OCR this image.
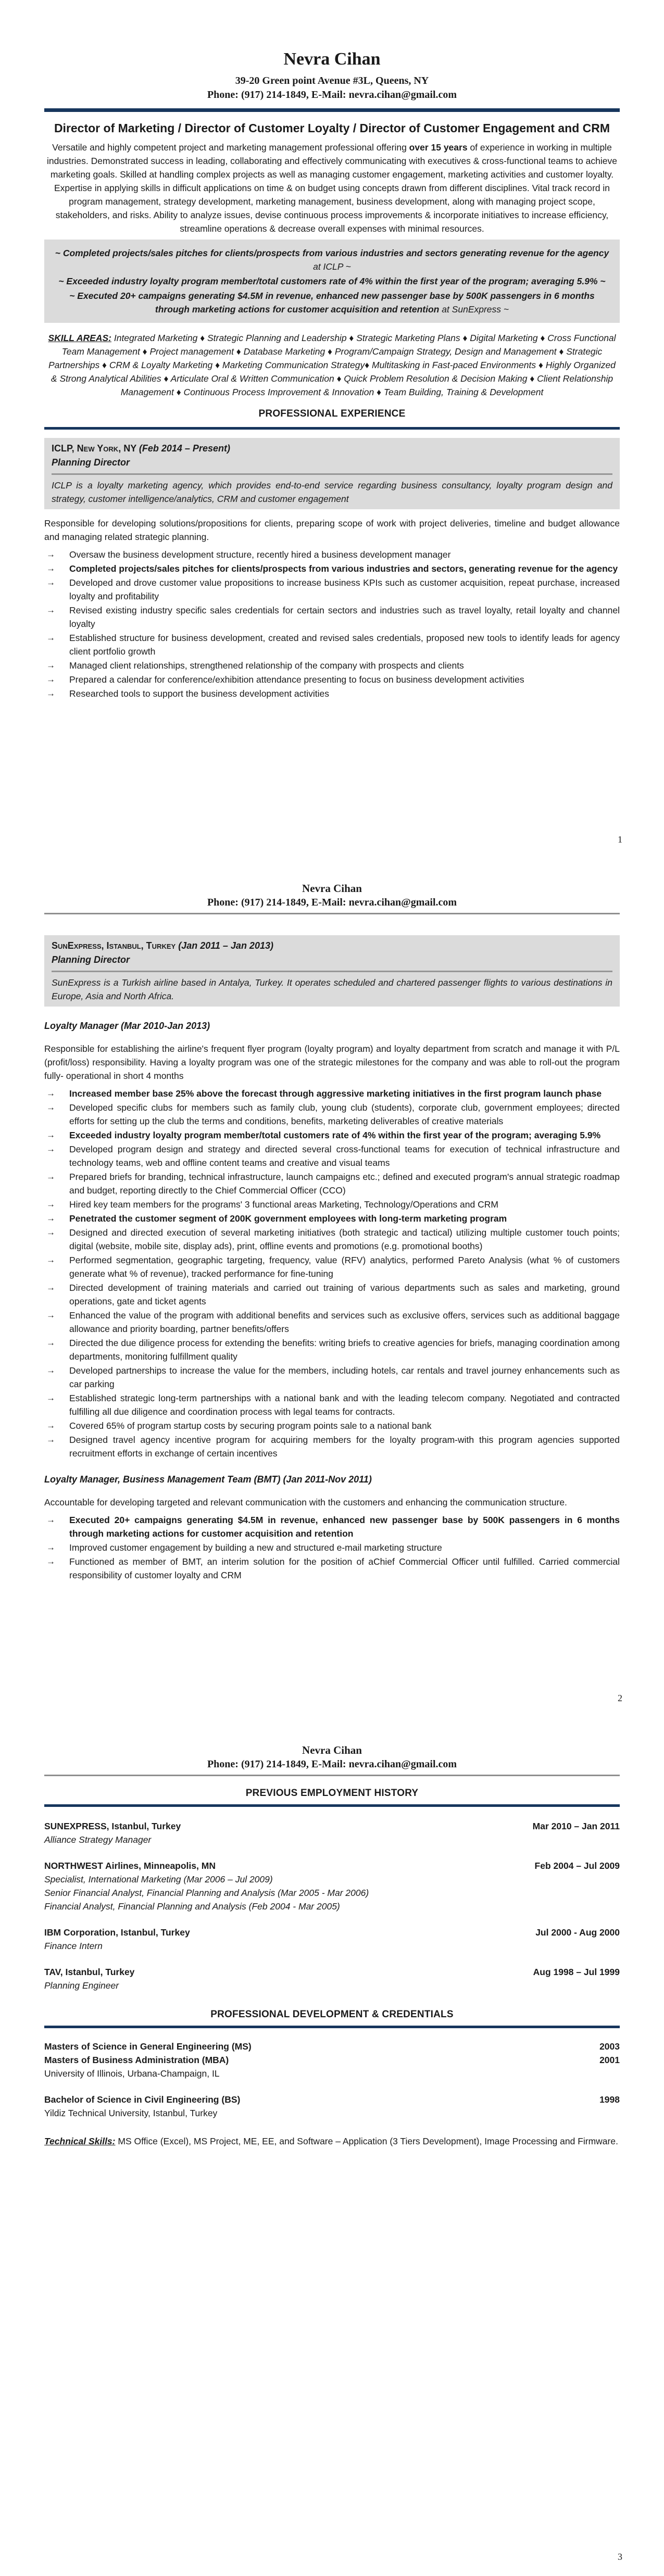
Nevra Cihan
39-20 Green point Avenue #3L, Queens, NY
Phone: (917) 214-1849, E-Mail: nevra.cihan@gmail.com
Director of Marketing / Director of Customer Loyalty / Director of Customer Engagement and CRM
Versatile and highly competent project and marketing management professional offering over 15 years of experience in working in multiple industries. Demonstrated success in leading, collaborating and effectively communicating with executives & cross-functional teams to achieve marketing goals. Skilled at handling complex projects as well as managing customer engagement, marketing activities and customer loyalty. Expertise in applying skills in difficult applications on time & on budget using concepts drawn from different disciplines. Vital track record in program management, strategy development, marketing management, business development, along with managing project scope, stakeholders, and risks. Ability to analyze issues, devise continuous process improvements & incorporate initiatives to increase efficiency, streamline operations & decrease overall expenses with minimal resources.
~ Completed projects/sales pitches for clients/prospects from various industries and sectors generating revenue for the agency at ICLP ~
~ Exceeded industry loyalty program member/total customers rate of 4% within the first year of the program; averaging 5.9% ~
~ Executed 20+ campaigns generating $4.5M in revenue, enhanced new passenger base by 500K passengers in 6 months through marketing actions for customer acquisition and retention at SunExpress ~
SKILL AREAS: Integrated Marketing ♦ Strategic Planning and Leadership ♦ Strategic Marketing Plans ♦ Digital Marketing ♦ Cross Functional Team Management ♦ Project management ♦ Database Marketing ♦ Program/Campaign Strategy, Design and Management ♦ Strategic Partnerships ♦ CRM & Loyalty Marketing ♦ Marketing Communication Strategy♦ Multitasking in Fast-paced Environments ♦ Highly Organized & Strong Analytical Abilities ♦ Articulate Oral & Written Communication ♦ Quick Problem Resolution & Decision Making ♦ Client Relationship Management ♦ Continuous Process Improvement & Innovation ♦ Team Building, Training & Development
PROFESSIONAL EXPERIENCE
ICLP, New York, NY (Feb 2014 – Present)
Planning Director
ICLP is a loyalty marketing agency, which provides end-to-end service regarding business consultancy, loyalty program design and strategy, customer intelligence/analytics, CRM and customer engagement
Responsible for developing solutions/propositions for clients, preparing scope of work with project deliveries, timeline and budget allowance and managing related strategic planning.
→	Oversaw the business development structure, recently hired a business development manager
→	Completed projects/sales pitches for clients/prospects from various industries and sectors, generating revenue for the agency
→	Developed and drove customer value propositions to increase business KPIs such as customer acquisition, repeat purchase, increased loyalty and profitability
→	Revised existing industry specific sales credentials for certain sectors and industries such as travel loyalty, retail loyalty and channel loyalty
→	Established structure for business development, created and revised sales credentials, proposed new tools to identify leads for agency client portfolio growth
→	Managed client relationships, strengthened relationship of the company with prospects and clients
→	Prepared a calendar for conference/exhibition attendance presenting to focus on business development activities
→	Researched tools to support the business development activities
1
Nevra Cihan
Phone: (917) 214-1849, E-Mail: nevra.cihan@gmail.com
SunExpress, Istanbul, Turkey (Jan 2011 – Jan 2013)
Planning Director
SunExpress is a Turkish airline based in Antalya, Turkey. It operates scheduled and chartered passenger flights to various destinations in Europe, Asia and North Africa.
Loyalty Manager (Mar 2010-Jan 2013)
Responsible for establishing the airline's frequent flyer program (loyalty program) and loyalty department from scratch and manage it with P/L (profit/loss) responsibility. Having a loyalty program was one of the strategic milestones for the company and was able to roll-out the program fully- operational in short 4 months
→	Increased member base 25% above the forecast through aggressive marketing initiatives in the first program launch phase
→	Developed specific clubs for members such as family club, young club (students), corporate club, government employees; directed efforts for setting up the club the terms and conditions, benefits, marketing deliverables of creative materials
→	Exceeded industry loyalty program member/total customers rate of 4% within the first year of the program; averaging 5.9%
→	Developed program design and strategy and directed several cross-functional teams for execution of technical infrastructure and technology teams, web and offline content teams and creative and visual teams
→	Prepared briefs for branding, technical infrastructure, launch campaigns etc.; defined and executed program's annual strategic roadmap and budget, reporting directly to the Chief Commercial Officer (CCO)
→	Hired key team members for the programs' 3 functional areas Marketing, Technology/Operations and CRM
→	Penetrated the customer segment of 200K government employees with long-term marketing program
→	Designed and directed execution of several marketing initiatives (both strategic and tactical) utilizing multiple customer touch points; digital (website, mobile site, display ads), print, offline events and promotions (e.g. promotional booths)
→	Performed segmentation, geographic targeting, frequency, value (RFV) analytics, performed Pareto Analysis (what % of customers generate what % of revenue), tracked performance for fine-tuning
→	Directed development of training materials and carried out training of various departments such as sales and marketing, ground operations, gate and ticket agents
→	Enhanced the value of the program with additional benefits and services such as exclusive offers, services such as additional baggage allowance and priority boarding, partner benefits/offers
→	Directed the due diligence process for extending the benefits: writing briefs to creative agencies for briefs, managing coordination among departments, monitoring fulfillment quality
→	Developed partnerships to increase the value for the members, including hotels, car rentals and travel journey enhancements such as car parking
→	Established strategic long-term partnerships with a national bank and with the leading telecom company. Negotiated and contracted fulfilling all due diligence and coordination process with legal teams for contracts.
→	Covered 65% of program startup costs by securing program points sale to a national bank
→	Designed travel agency incentive program for acquiring members for the loyalty program-with this program agencies supported recruitment efforts in exchange of certain incentives
Loyalty Manager, Business Management Team (BMT) (Jan 2011-Nov 2011)
Accountable for developing targeted and relevant communication with the customers and enhancing the communication structure.
→	Executed 20+ campaigns generating $4.5M in revenue, enhanced new passenger base by 500K passengers in 6 months through marketing actions for customer acquisition and retention
→	Improved customer engagement by building a new and structured e-mail marketing structure
→	Functioned as member of BMT, an interim solution for the position of aChief Commercial Officer until fulfilled. Carried commercial responsibility of customer loyalty and CRM
2
Nevra Cihan
Phone: (917) 214-1849, E-Mail: nevra.cihan@gmail.com
PREVIOUS EMPLOYMENT HISTORY
SUNEXPRESS, Istanbul, Turkey	Mar 2010 – Jan 2011
Alliance Strategy Manager
NORTHWEST Airlines, Minneapolis, MN	Feb 2004 – Jul 2009
Specialist, International Marketing (Mar 2006 – Jul 2009)
Senior Financial Analyst, Financial Planning and Analysis (Mar 2005 - Mar 2006)
Financial Analyst, Financial Planning and Analysis (Feb 2004 - Mar 2005)
IBM Corporation, Istanbul, Turkey	Jul 2000 - Aug 2000
Finance Intern
TAV, Istanbul, Turkey	Aug 1998 – Jul 1999
Planning Engineer
PROFESSIONAL DEVELOPMENT & CREDENTIALS
Masters of Science in General Engineering (MS)	2003
Masters of Business Administration (MBA)	2001
University of Illinois, Urbana-Champaign, IL
Bachelor of Science in Civil Engineering (BS)	1998
Yildiz Technical University, Istanbul, Turkey
Technical Skills: MS Office (Excel), MS Project, ME, EE, and Software – Application (3 Tiers Development), Image Processing and Firmware.
3
